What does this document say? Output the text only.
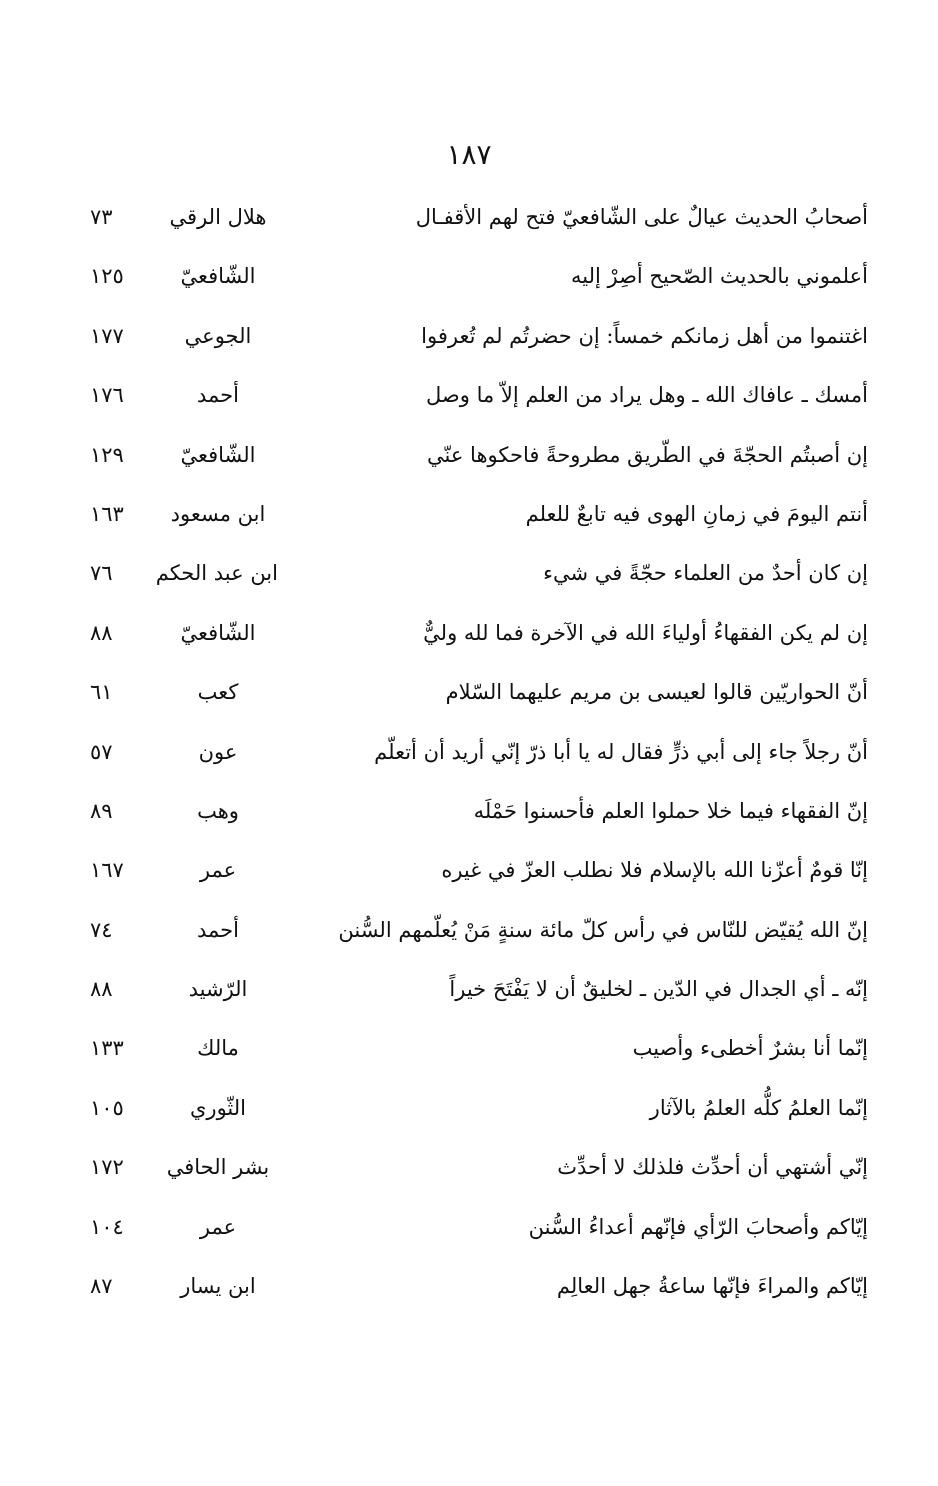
١٨٧
أصحابُ الحديث عيالٌ على الشّافعيّ فتح لهم الأقفـال
هلال الرقي
٧٣
أعلموني بالحديث الصّحيح أصِرْ إليه
الشّافعيّ
١٢٥
اغتنموا من أهل زمانكم خمساً: إن حضرتُم لم تُعرفوا
الجوعي
١٧٧
أمسك ـ عافاك الله ـ وهل يراد من العلم إلاّ ما وصل
أحمد
١٧٦
إن أصبتُم الحجّةَ في الطّريق مطروحةً فاحكوها عنّي
الشّافعيّ
١٢٩
أنتم اليومَ في زمانِ الهوى فيه تابعٌ للعلم
ابن مسعود
١٦٣
إن كان أحدٌ من العلماء حجّةً في شيء
ابن عبد الحكم
٧٦
إن لم يكن الفقهاءُ أولياءَ الله في الآخرة فما لله وليٌّ
الشّافعيّ
٨٨
أنّ الحواريّين قالوا لعيسى بن مريم عليهما السّلام
كعب
٦١
أنّ رجلاً جاء إلى أبي ذرٍّ فقال له يا أبا ذرّ إنّي أريد أن أتعلّم
عون
٥٧
إنّ الفقهاء فيما خلا حملوا العلم فأحسنوا حَمْلَه
وهب
٨٩
إنّا قومٌ أعزّنا الله بالإسلام فلا نطلب العزّ في غيره
عمر
١٦٧
إنّ الله يُقيّض للنّاس في رأس كلّ مائة سنةٍ مَنْ يُعلّمهم السُّنن
أحمد
٧٤
إنّه ـ أي الجدال في الدّين ـ لخليقٌ أن لا يَفْتَحَ خيراً
الرّشيد
٨٨
إنّما أنا بشرٌ أخطىء وأصيب
مالك
١٣٣
إنّما العلمُ كلُّه العلمُ بالآثار
الثّوري
١٠٥
إنّي أشتهي أن أحدِّث فلذلك لا أحدِّث
بشر الحافي
١٧٢
إيّاكم وأصحابَ الرّأي فإنّهم أعداءُ السُّنن
عمر
١٠٤
إيّاكم والمراءَ فإنّها ساعةُ جهل العالِم
ابن يسار
٨٧
